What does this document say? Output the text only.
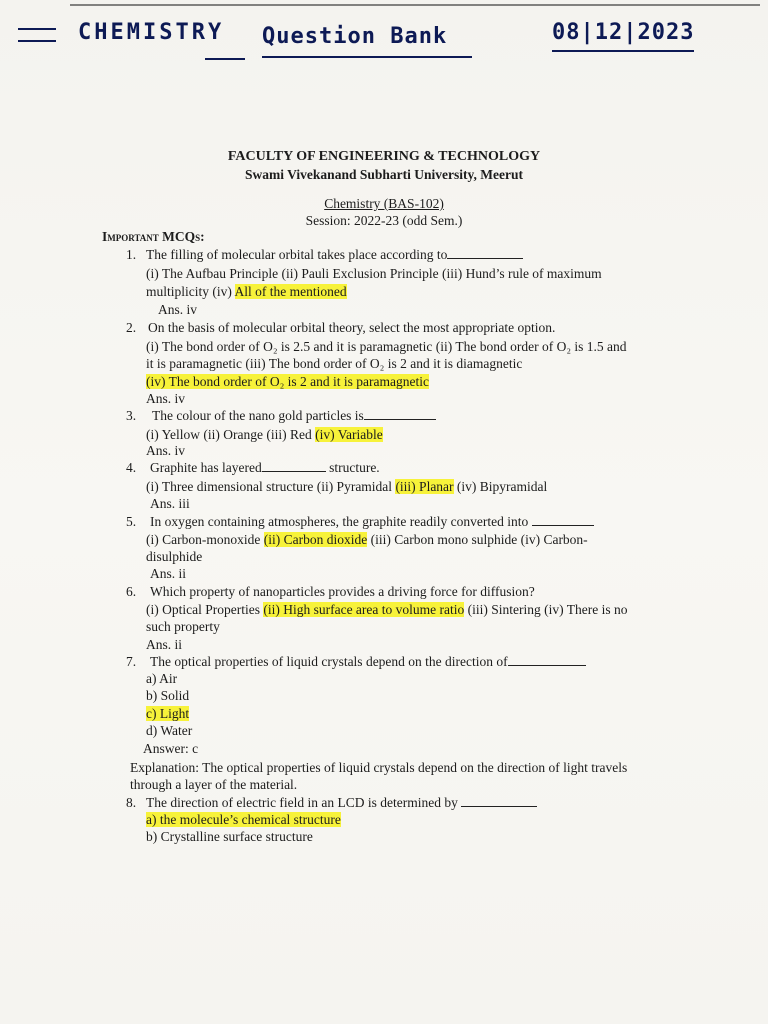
CHEMISTRY Question Bank	08|12|2023
FACULTY OF ENGINEERING & TECHNOLOGY
Swami Vivekanand Subharti University, Meerut
Chemistry (BAS-102)
Session: 2022-23 (odd Sem.)
Important MCQs:
1. The filling of molecular orbital takes place according to
(i) The Aufbau Principle (ii) Pauli Exclusion Principle (iii) Hund’s rule of maximum
multiplicity (iv) All of the mentioned
Ans. iv
2. On the basis of molecular orbital theory, select the most appropriate option.
(i) The bond order of O₂ is 2.5 and it is paramagnetic (ii) The bond order of O₂ is 1.5 and
it is paramagnetic (iii) The bond order of O₂ is 2 and it is diamagnetic
(iv) The bond order of O₂ is 2 and it is paramagnetic
Ans. iv
3. The colour of the nano gold particles is
(i) Yellow (ii) Orange (iii) Red (iv) Variable
Ans. iv
4. Graphite has layered	structure.
(i) Three dimensional structure (ii) Pyramidal (iii) Planar (iv) Bipyramidal
Ans. iii
5. In oxygen containing atmospheres, the graphite readily converted into
(i) Carbon-monoxide (ii) Carbon dioxide (iii) Carbon mono sulphide (iv) Carbon-
disulphide
Ans. ii
6. Which property of nanoparticles provides a driving force for diffusion?
(i) Optical Properties (ii) High surface area to volume ratio (iii) Sintering (iv) There is no
such property
Ans. ii
7. The optical properties of liquid crystals depend on the direction of
a) Air
b) Solid
c) Light
d) Water
Answer: c
Explanation: The optical properties of liquid crystals depend on the direction of light travels
through a layer of the material.
8. The direction of electric field in an LCD is determined by
a) the molecule’s chemical structure
b) Crystalline surface structure
